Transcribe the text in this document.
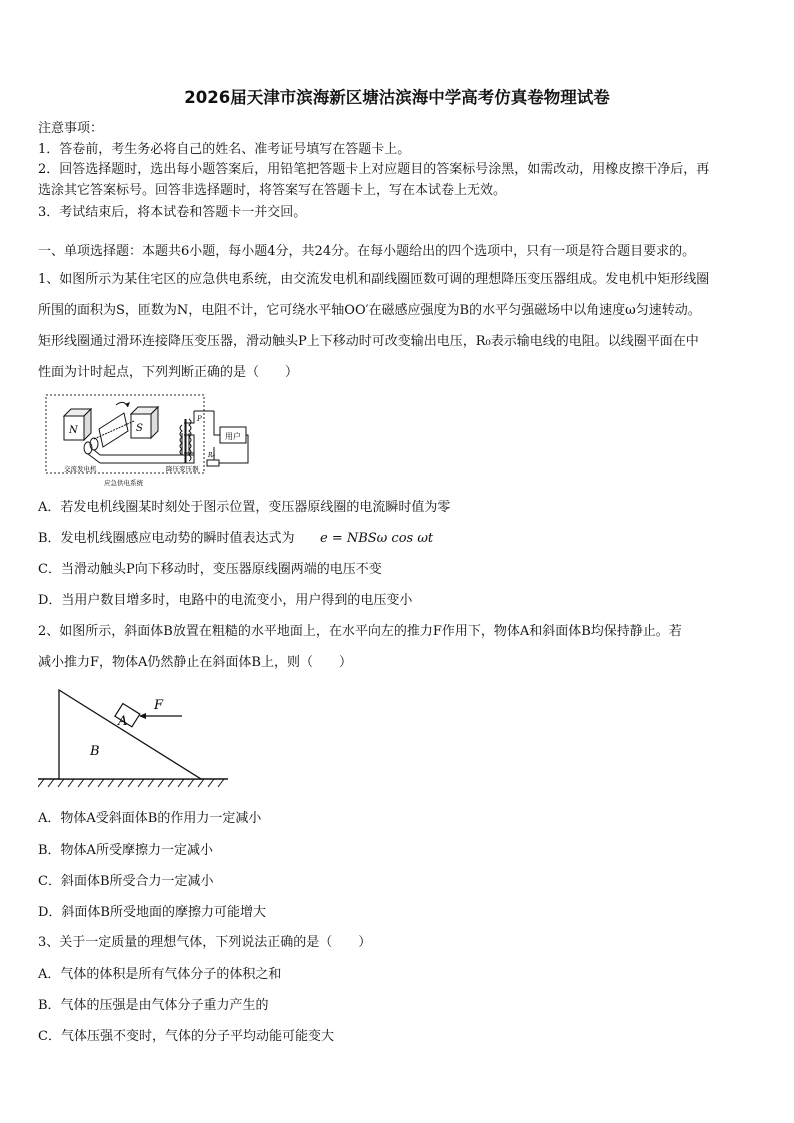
2026届天津市滨海新区塘沽滨海中学高考仿真卷物理试卷
注意事项：
1．答卷前，考生务必将自己的姓名、准考证号填写在答题卡上。
2．回答选择题时，选出每小题答案后，用铅笔把答题卡上对应题目的答案标号涂黑，如需改动，用橡皮擦干净后，再
选涂其它答案标号。回答非选择题时，将答案写在答题卡上，写在本试卷上无效。
3．考试结束后，将本试卷和答题卡一并交回。
一、单项选择题：本题共6小题，每小题4分，共24分。在每小题给出的四个选项中，只有一项是符合题目要求的。
1、如图所示为某住宅区的应急供电系统，由交流发电机和副线圈匝数可调的理想降压变压器组成。发电机中矩形线圈
所围的面积为S，匝数为N，电阻不计，它可绕水平轴OO′在磁感应强度为B的水平匀强磁场中以角速度ω匀速转动。
矩形线圈通过滑环连接降压变压器，滑动触头P上下移动时可改变输出电压，R₀表示输电线的电阻。以线圈平面在中
性面为计时起点，下列判断正确的是（　　）
N	S
P
用户
R₀
交流发电机	降压变压器
应急供电系统
A．若发电机线圈某时刻处于图示位置，变压器原线圈的电流瞬时值为零
B．发电机线圈感应电动势的瞬时值表达式为 e = NBSω cos ωt
C．当滑动触头P向下移动时，变压器原线圈两端的电压不变
D．当用户数目增多时，电路中的电流变小，用户得到的电压变小
2、如图所示，斜面体B放置在粗糙的水平地面上，在水平向左的推力F作用下，物体A和斜面体B均保持静止。若
减小推力F，物体A仍然静止在斜面体B上，则（　　）
A
B
F
A．物体A受斜面体B的作用力一定减小
B．物体A所受摩擦力一定减小
C．斜面体B所受合力一定减小
D．斜面体B所受地面的摩擦力可能增大
3、关于一定质量的理想气体，下列说法正确的是（　　）
A．气体的体积是所有气体分子的体积之和
B．气体的压强是由气体分子重力产生的
C．气体压强不变时，气体的分子平均动能可能变大
